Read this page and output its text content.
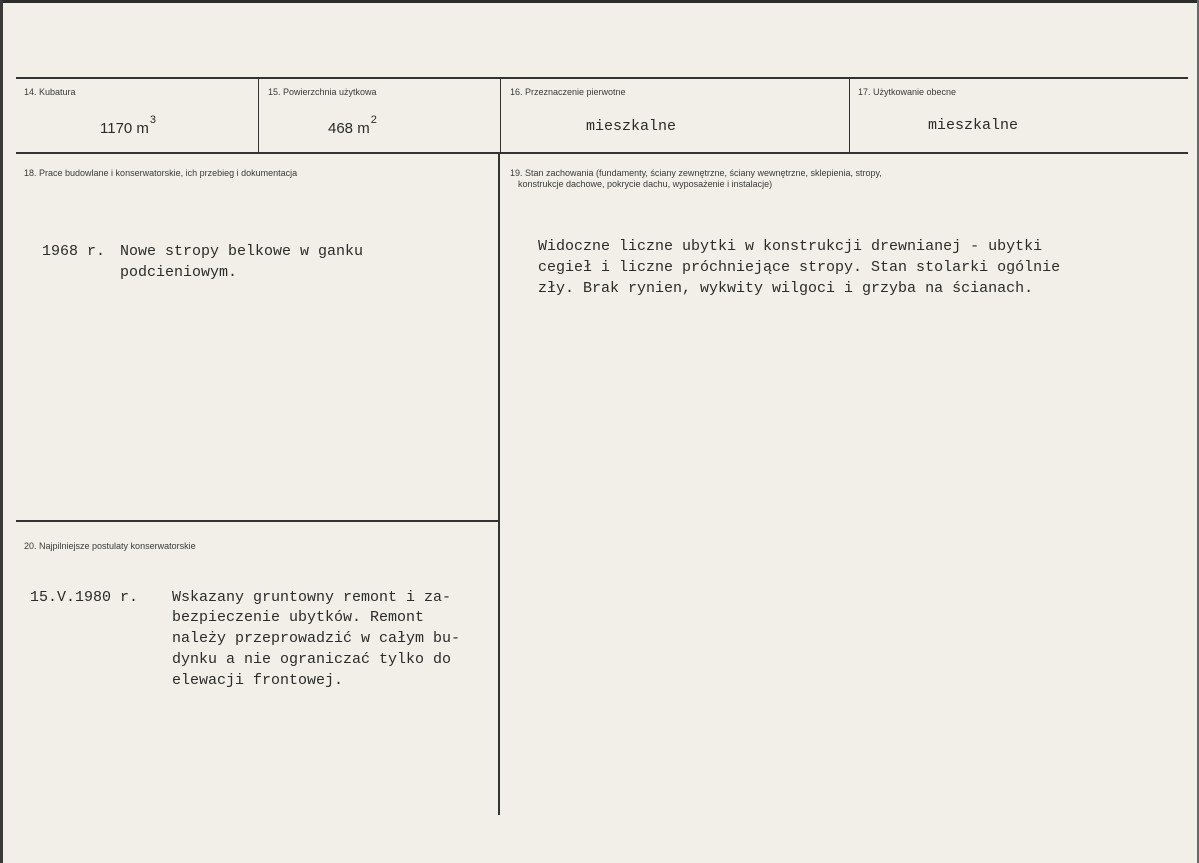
14. Kubatura
1170 $m^3$
15. Powierzchnia użytkowa
468 $m^2$
16. Przeznaczenie pierwotne
mieszkalne
17. Użytkowanie obecne
mieszkalne
18. Prace budowlane i konserwatorskie, ich przebieg i dokumentacja
1968 r. Nowe stropy belkowe w ganku
podcieniowym.
19. Stan zachowania (fundamenty, ściany zewnętrzne, ściany wewnętrzne, sklepienia, stropy,
konstrukcje dachowe, pokrycie dachu, wyposażenie i instalacje)
Widoczne liczne ubytki w konstrukcji drewnianej - ubytki
cegieł i liczne próchniejące stropy. Stan stolarki ogólnie
zły. Brak rynien, wykwity wilgoci i grzyba na ścianach.
20. Najpilniejsze postulaty konserwatorskie
15.V.1980 r. Wskazany gruntowny remont i za-
bezpieczenie ubytków. Remont
należy przeprowadzić w całym bu-
dynku a nie ograniczać tylko do
elewacji frontowej.
